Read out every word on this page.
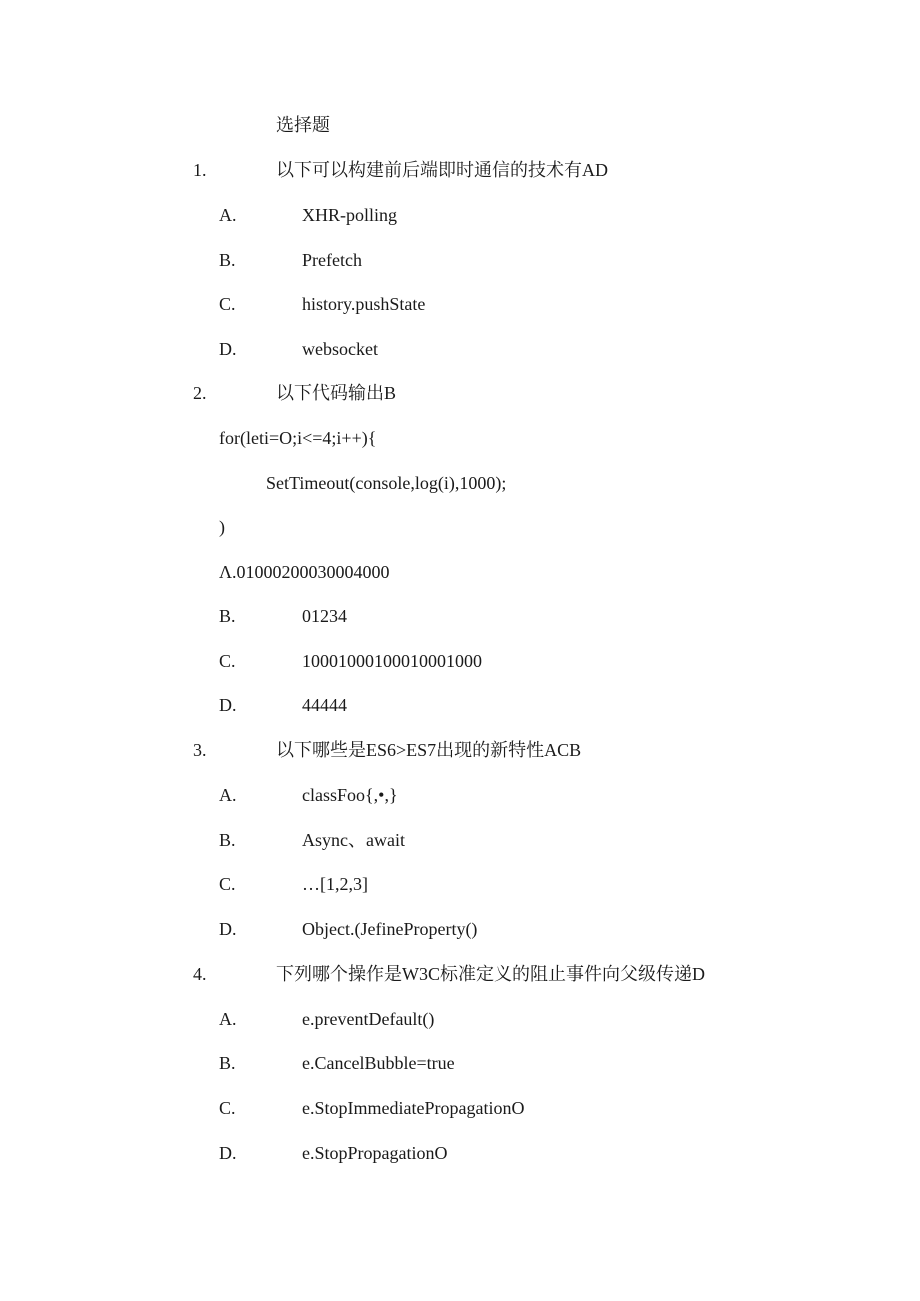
选择题
1.	以下可以构建前后端即时通信的技术有AD
A.	XHR-polling
B.	Prefetch
C.	history.pushState
D.	websocket
2.	以下代码输出B
for(leti=O;i<=4;i++){
SetTimeout(console,log(i),1000);
)
Λ.01000200030004000
B.	01234
C.	10001000100010001000
D.	44444
3.	以下哪些是ES6>ES7出现的新特性ACB
A.	classFoo{,•,}
B.	Async、await
C.	…[1,2,3]
D.	Object.(JefineProperty()
4.	下列哪个操作是W3C标准定义的阻止事件向父级传递D
A.	e.preventDefault()
B.	e.CancelBubble=true
C.	e.StopImmediatePropagationO
D.	e.StopPropagationO
